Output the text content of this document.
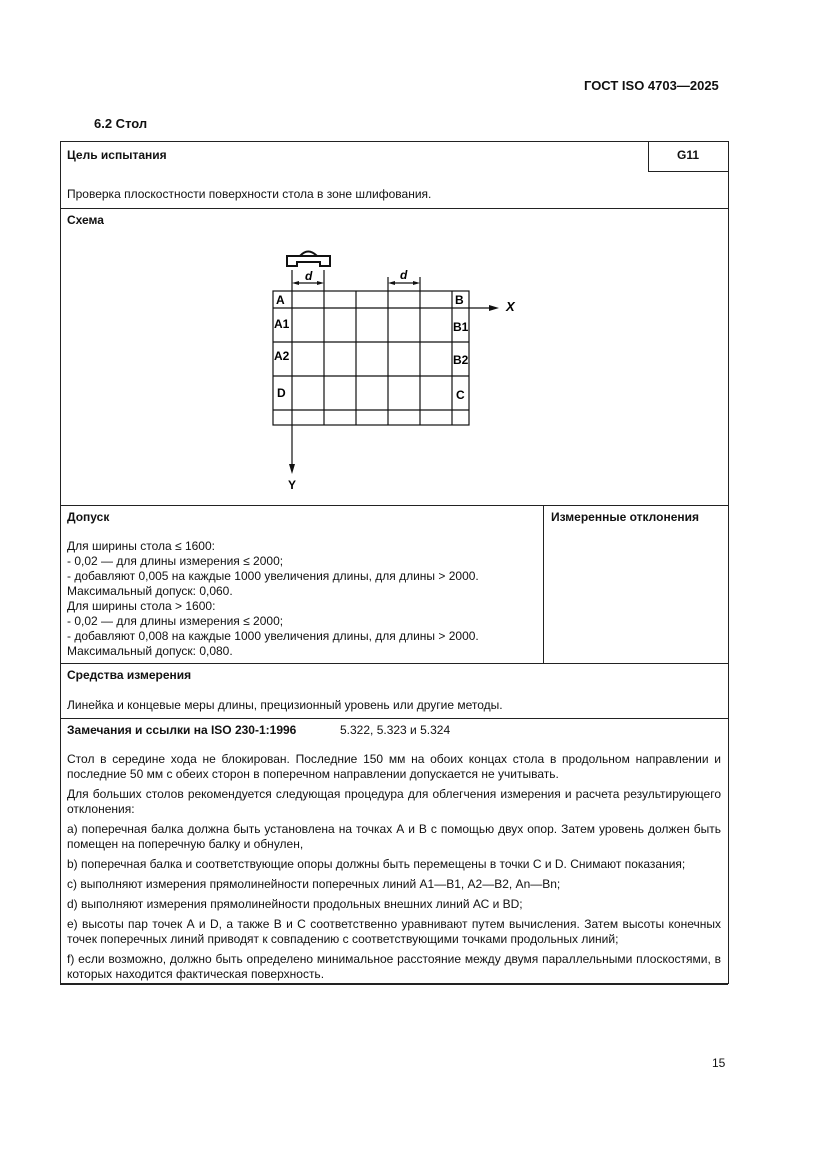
ГОСТ ISO 4703—2025
6.2 Стол
Цель испытания	G11
Проверка плоскостности поверхности стола в зоне шлифования.
Схема
d	d
A	B
A1	B1
A2	B2
D	C
X
Y
Допуск	Измеренные отклонения
Для ширины стола ≤ 1600:
- 0,02 — для длины измерения ≤ 2000;
- добавляют 0,005 на каждые 1000 увеличения длины, для длины > 2000.
Максимальный допуск: 0,060.
Для ширины стола > 1600:
- 0,02 — для длины измерения ≤ 2000;
- добавляют 0,008 на каждые 1000 увеличения длины, для длины > 2000.
Максимальный допуск: 0,080.
Средства измерения
Линейка и концевые меры длины, прецизионный уровень или другие методы.
Замечания и ссылки на ISO 230-1:1996	5.322, 5.323 и 5.324

Стол в середине хода не блокирован. Последние 150 мм на обоих концах стола в продольном направлении и последние 50 мм с обеих сторон в поперечном направлении допускается не учитывать.

Для больших столов рекомендуется следующая процедура для облегчения измерения и расчета результирующего отклонения:

a) поперечная балка должна быть установлена на точках А и В с помощью двух опор. Затем уровень должен быть помещен на поперечную балку и обнулен,

b) поперечная балка и соответствующие опоры должны быть перемещены в точки С и D. Снимают показания;

c) выполняют измерения прямолинейности поперечных линий А1—В1, А2—В2, Аn—Вn;

d) выполняют измерения прямолинейности продольных внешних линий АС и BD;

e) высоты пар точек А и D, а также В и С соответственно уравнивают путем вычисления. Затем высоты конечных точек поперечных линий приводят к совпадению с соответствующими точками продольных линий;

f) если возможно, должно быть определено минимальное расстояние между двумя параллельными плоскостями, в которых находится фактическая поверхность.

15
